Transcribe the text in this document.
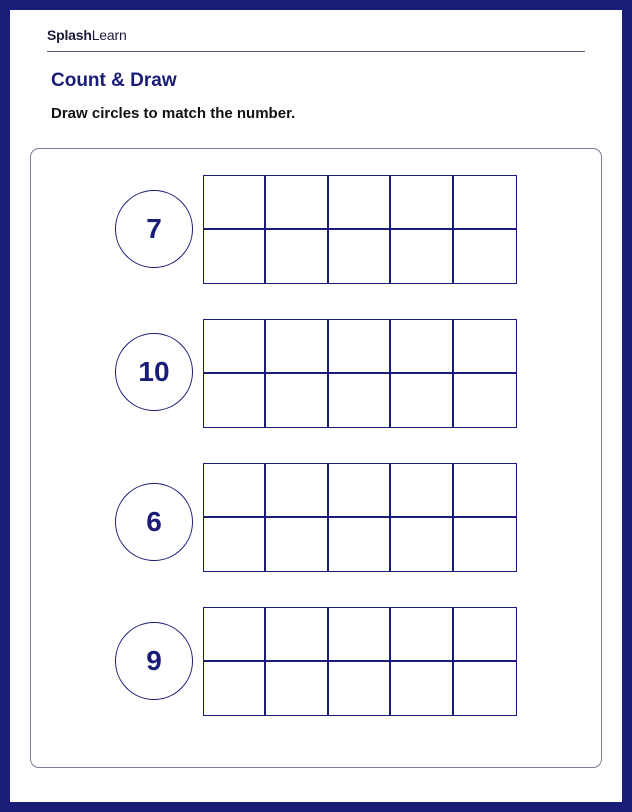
SplashLearn
Count & Draw
Draw circles to match the number.
7
10
6
9
